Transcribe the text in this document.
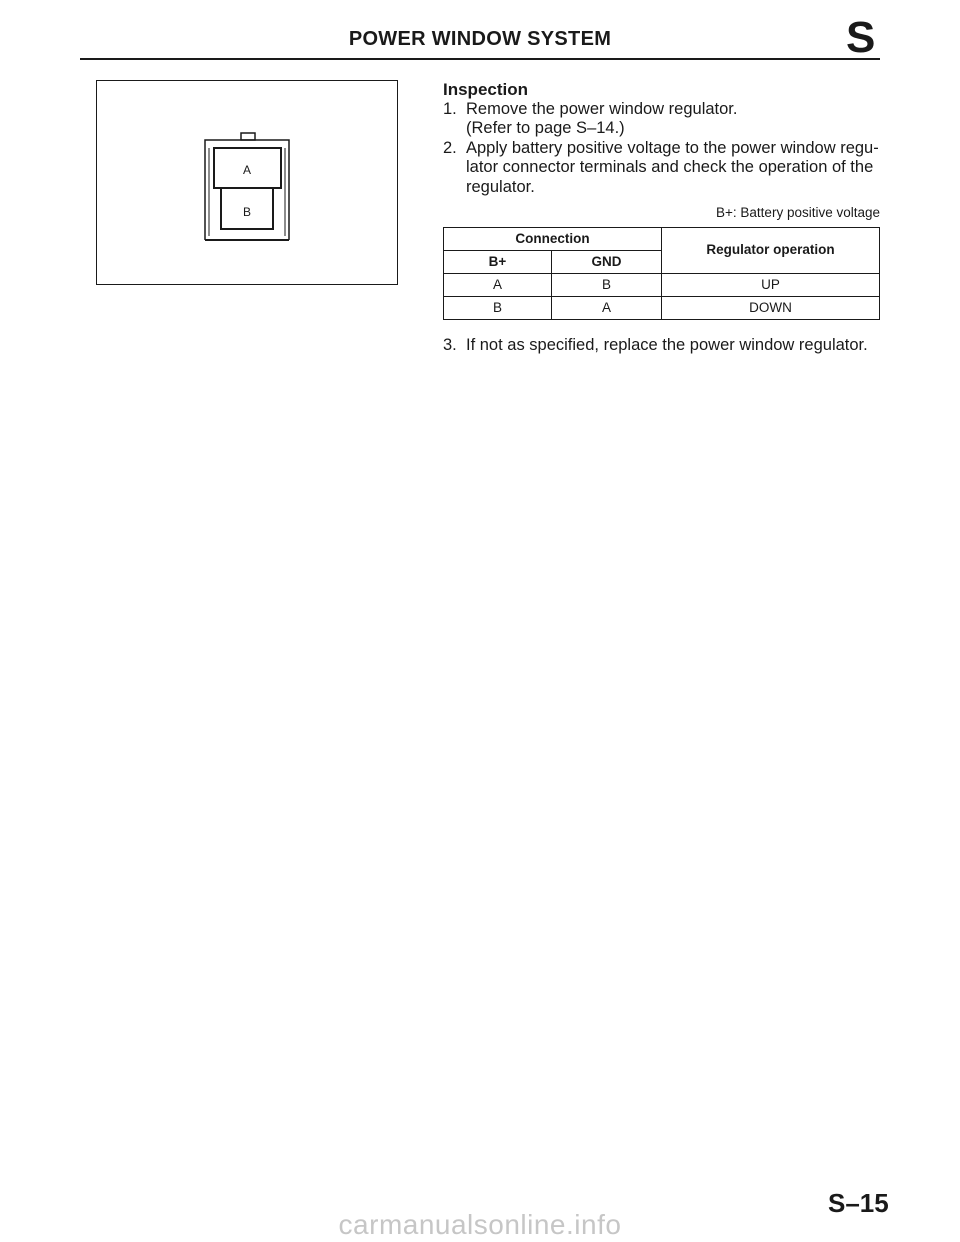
POWER WINDOW SYSTEM	S
A
B
Inspection
1. Remove the power window regulator.
(Refer to page S–14.)
2. Apply battery positive voltage to the power window regu-
lator connector terminals and check the operation of the
regulator.
B+: Battery positive voltage
Connection		Regulator operation
B+	GND	
A	B	UP
B	A	DOWN
3. If not as specified, replace the power window regulator.
S–15
carmanualsonline.info
